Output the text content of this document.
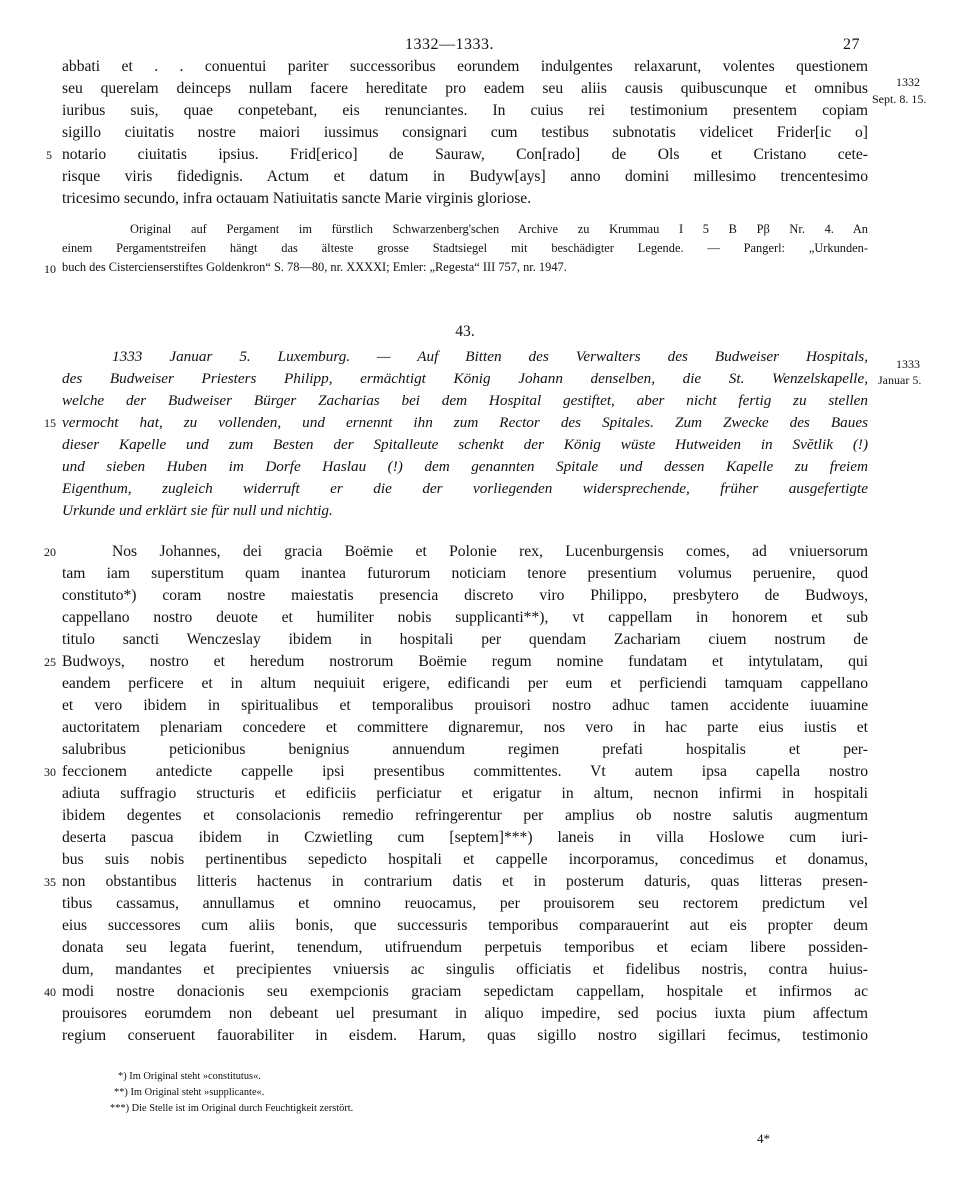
1332—1333.	27
1332
Sept. 8. 15.
1333
Januar 5.
abbati et . . conuentui pariter successoribus eorundem indulgentes relaxarunt, volentes questionem
seu querelam deinceps nullam facere hereditate pro eadem seu aliis causis quibuscunque et omnibus
iuribus suis, quae conpetebant, eis renunciantes. In cuius rei testimonium presentem copiam
sigillo ciuitatis nostre maiori iussimus consignari cum testibus subnotatis videlicet Frider[ic o]
notario ciuitatis ipsius. Frid[erico] de Sauraw, Con[rado] de Ols et Cristano cete-
risque viris fidedignis. Actum et datum in Budyw[ays] anno domini millesimo trencentesimo
tricesimo secundo, infra octauam Natiuitatis sancte Marie virginis gloriose.
Original auf Pergament im fürstlich Schwarzenberg'schen Archive zu Krummau I 5 B Pβ Nr. 4. An
einem Pergamentstreifen hängt das älteste grosse Stadtsiegel mit beschädigter Legende. — Pangerl: „Urkunden-
buch des Cistercienserstiftes Goldenkron“ S. 78—80, nr. XXXXI; Emler: „Regesta“ III 757, nr. 1947.
43.
1333 Januar 5. Luxemburg. — Auf Bitten des Verwalters des Budweiser Hospitals,
des Budweiser Priesters Philipp, ermächtigt König Johann denselben, die St. Wenzelskapelle,
welche der Budweiser Bürger Zacharias bei dem Hospital gestiftet, aber nicht fertig zu stellen
vermocht hat, zu vollenden, und ernennt ihn zum Rector des Spitales. Zum Zwecke des Baues
dieser Kapelle und zum Besten der Spitalleute schenkt der König wüste Hutweiden in Svĕtlik (!)
und sieben Huben im Dorfe Haslau (!) dem genannten Spitale und dessen Kapelle zu freiem
Eigenthum, zugleich widerruft er die der vorliegenden widersprechende, früher ausgefertigte
Urkunde und erklärt sie für null und nichtig.
Nos Johannes, dei gracia Boëmie et Polonie rex, Lucenburgensis comes, ad vniuersorum
tam iam superstitum quam inantea futurorum noticiam tenore presentium volumus peruenire, quod
constituto*) coram nostre maiestatis presencia discreto viro Philippo, presbytero de Budwoys,
cappellano nostro deuote et humiliter nobis supplicanti**), vt cappellam in honorem et sub
titulo sancti Wenczeslay ibidem in hospitali per quendam Zachariam ciuem nostrum de
Budwoys, nostro et heredum nostrorum Boëmie regum nomine fundatam et intytulatam, qui
eandem perficere et in altum nequiuit erigere, edificandi per eum et perficiendi tamquam cappellano
et vero ibidem in spiritualibus et temporalibus prouisori nostro adhuc tamen accidente iuuamine
auctoritatem plenariam concedere et committere dignaremur, nos vero in hac parte eius iustis et
salubribus peticionibus benignius annuendum regimen prefati hospitalis et per-
feccionem antedicte cappelle ipsi presentibus committentes. Vt autem ipsa capella nostro
adiuta suffragio structuris et edificiis perficiatur et erigatur in altum, necnon infirmi in hospitali
ibidem degentes et consolacionis remedio refringerentur per amplius ob nostre salutis augmentum
deserta pascua ibidem in Czwietling cum [septem]***) laneis in villa Hoslowe cum iuri-
bus suis nobis pertinentibus sepedicto hospitali et cappelle incorporamus, concedimus et donamus,
non obstantibus litteris hactenus in contrarium datis et in posterum daturis, quas litteras presen-
tibus cassamus, annullamus et omnino reuocamus, per prouisorem seu rectorem predictum vel
eius successores cum aliis bonis, que successuris temporibus comparauerint aut eis propter deum
donata seu legata fuerint, tenendum, utifruendum perpetuis temporibus et eciam libere possiden-
dum, mandantes et precipientes vniuersis ac singulis officiatis et fidelibus nostris, contra huius-
modi nostre donacionis seu exempcionis graciam sepedictam cappellam, hospitale et infirmos ac
prouisores eorumdem non debeant uel presumant in aliquo impedire, sed pocius iuxta pium affectum
regium conseruent fauorabiliter in eisdem. Harum, quas sigillo nostro sigillari fecimus, testimonio
5
10
15
20
25
30
35
40
*) Im Original steht »constitutus«.
**) Im Original steht »supplicante«.
***) Die Stelle ist im Original durch Feuchtigkeit zerstört.
4*
